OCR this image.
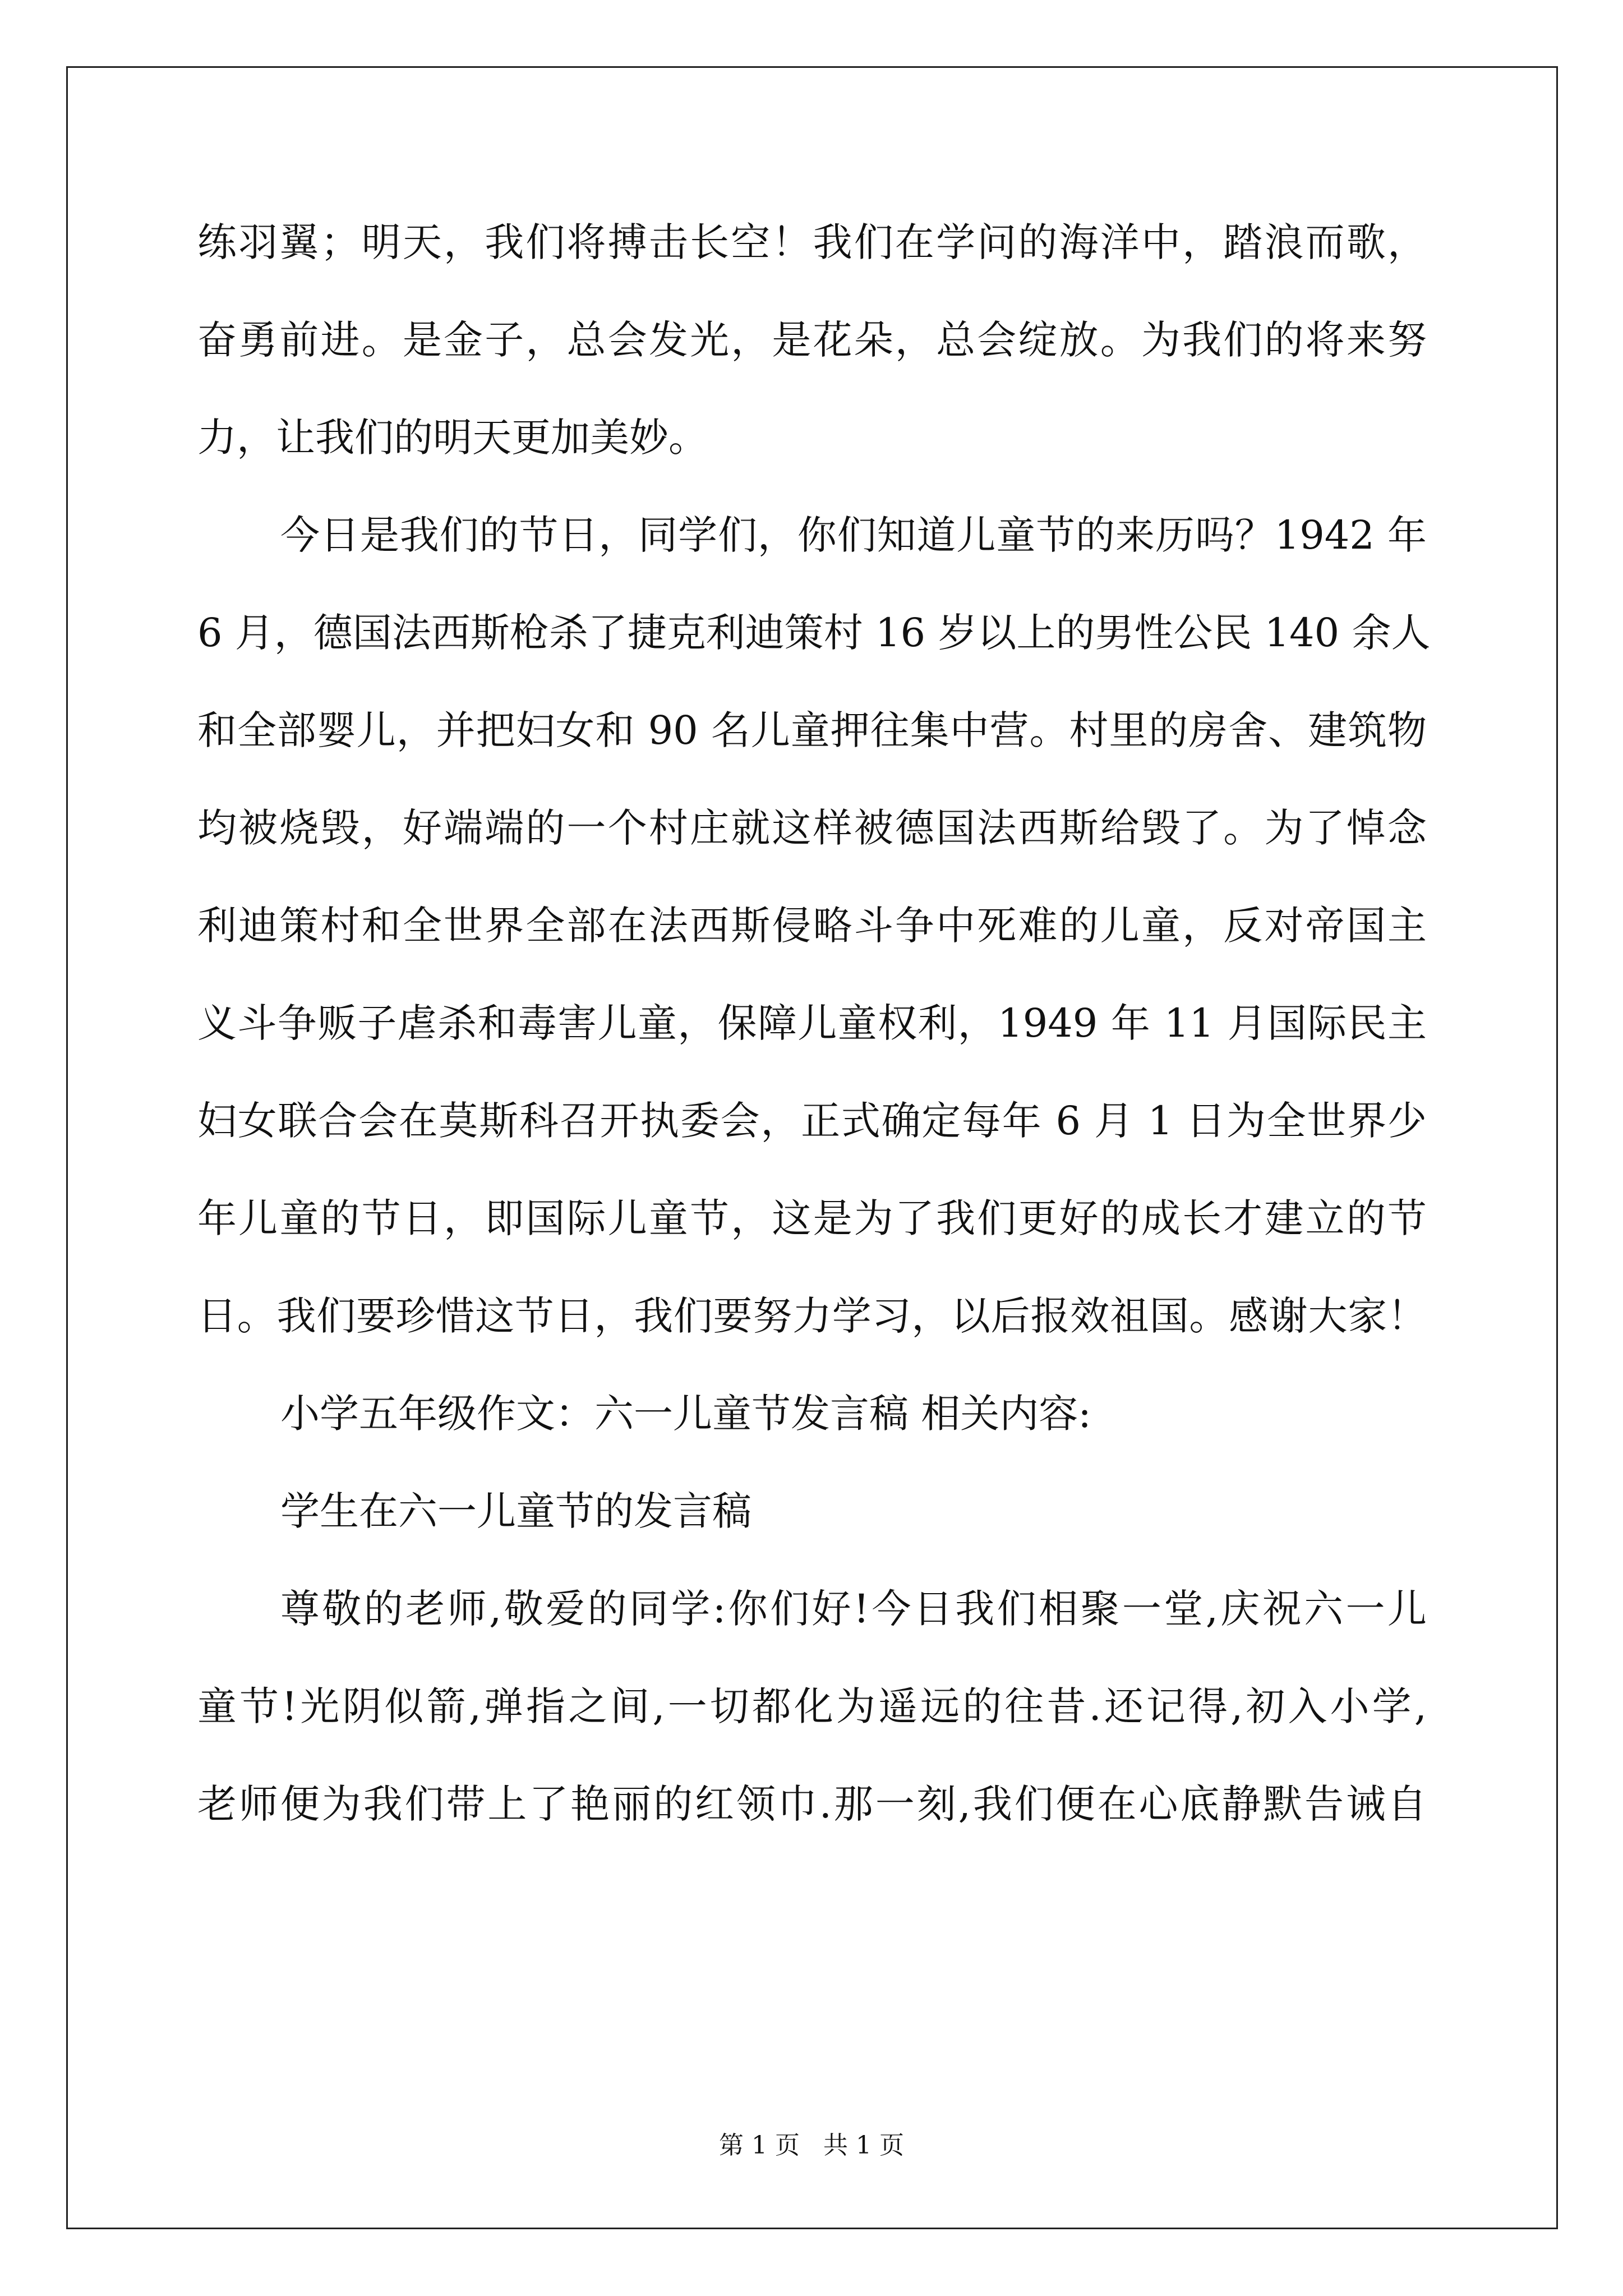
练羽翼；明天，我们将搏击长空！我们在学问的海洋中，踏浪而歌，
奋勇前进。是金子，总会发光，是花朵，总会绽放。为我们的将来努
力，让我们的明天更加美妙。
今日是我们的节日，同学们，你们知道儿童节的来历吗？1942 年
6 月，德国法西斯枪杀了捷克利迪策村 16 岁以上的男性公民 140 余人
和全部婴儿，并把妇女和 90 名儿童押往集中营。村里的房舍、建筑物
均被烧毁，好端端的一个村庄就这样被德国法西斯给毁了。为了悼念
利迪策村和全世界全部在法西斯侵略斗争中死难的儿童，反对帝国主
义斗争贩子虐杀和毒害儿童，保障儿童权利，1949 年 11 月国际民主
妇女联合会在莫斯科召开执委会，正式确定每年 6 月 1 日为全世界少
年儿童的节日，即国际儿童节，这是为了我们更好的成长才建立的节
日。我们要珍惜这节日，我们要努力学习，以后报效祖国。感谢大家！
小学五年级作文：六一儿童节发言稿 相关内容:
学生在六一儿童节的发言稿
尊敬的老师,敬爱的同学:你们好!今日我们相聚一堂,庆祝六一儿
童节!光阴似箭,弹指之间,一切都化为遥远的往昔.还记得,初入小学,
老师便为我们带上了艳丽的红领巾.那一刻,我们便在心底静默告诫自
第 1 页   共 1 页
